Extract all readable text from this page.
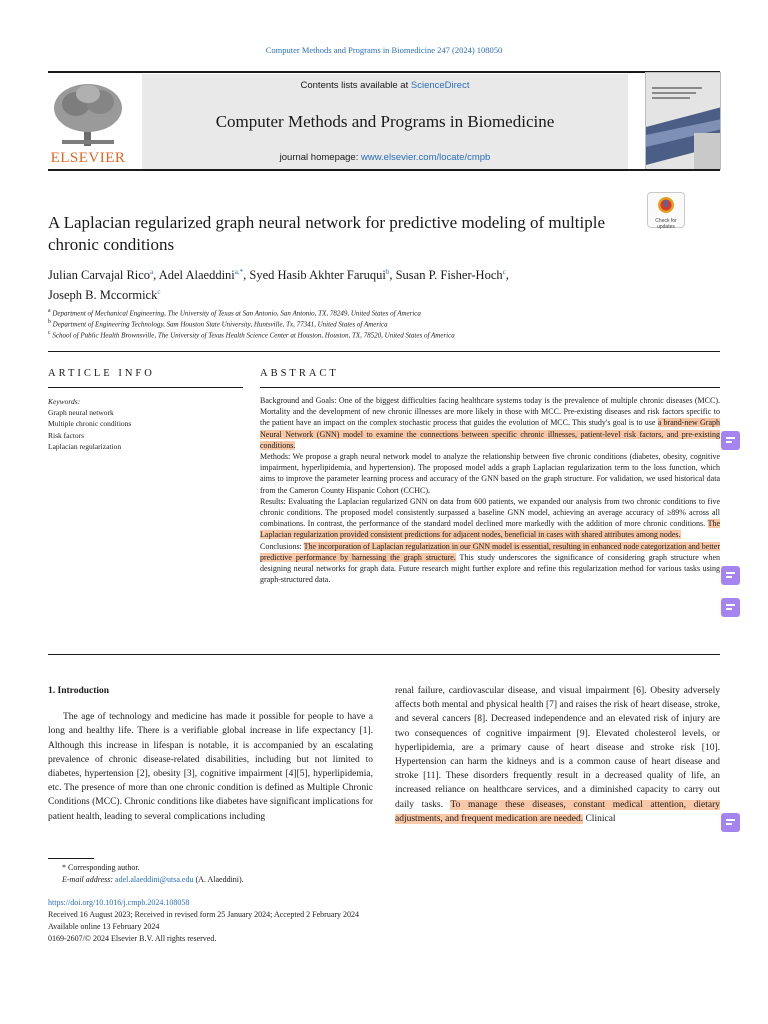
Computer Methods and Programs in Biomedicine 247 (2024) 108050
ELSEVIER
Contents lists available at ScienceDirect
Computer Methods and Programs in Biomedicine
journal homepage: www.elsevier.com/locate/cmpb
Check for updates
A Laplacian regularized graph neural network for predictive modeling of multiple chronic conditions
Julian Carvajal Rico$^a$, Adel Alaeddini$^{a,*}$, Syed Hasib Akhter Faruqui$^b$, Susan P. Fisher-Hoch$^c$,
Joseph B. Mccormick$^c$
$^a$ Department of Mechanical Engineering, The University of Texas at San Antonio, San Antonio, TX, 78249, United States of America
$^b$ Department of Engineering Technology, Sam Houston State University, Huntsville, Tx, 77341, United States of America
$^c$ School of Public Health Brownsville, The University of Texas Health Science Center at Houston, Houston, TX, 78520, United States of America
ARTICLE INFO
Keywords:
Graph neural network
Multiple chronic conditions
Risk factors
Laplacian regularization
ABSTRACT

Background and Goals: One of the biggest difficulties facing healthcare systems today is the prevalence of multiple chronic diseases (MCC). Mortality and the development of new chronic illnesses are more likely in those with MCC. Pre-existing diseases and risk factors specific to the patient have an impact on the complex stochastic process that guides the evolution of MCC. This study's goal is to use a brand-new Graph Neural Network (GNN) model to examine the connections between specific chronic illnesses, patient-level risk factors, and pre-existing conditions.

Methods: We propose a graph neural network model to analyze the relationship between five chronic conditions (diabetes, obesity, cognitive impairment, hyperlipidemia, and hypertension). The proposed model adds a graph Laplacian regularization term to the loss function, which aims to improve the parameter learning process and accuracy of the GNN based on the graph structure. For validation, we used historical data from the Cameron County Hispanic Cohort (CCHC).

Results: Evaluating the Laplacian regularized GNN on data from 600 patients, we expanded our analysis from two chronic conditions to five chronic conditions. The proposed model consistently surpassed a baseline GNN model, achieving an average accuracy of ≥89% across all combinations. In contrast, the performance of the standard model declined more markedly with the addition of more chronic conditions. The Laplacian regularization provided consistent predictions for adjacent nodes, beneficial in cases with shared attributes among nodes.

Conclusions: The incorporation of Laplacian regularization in our GNN model is essential, resulting in enhanced node categorization and better predictive performance by harnessing the graph structure. This study underscores the significance of considering graph structure when designing neural networks for graph data. Future research might further explore and refine this regularization method for various tasks using graph-structured data.

1. Introduction

The age of technology and medicine has made it possible for people to have a long and healthy life. There is a verifiable global increase in life expectancy [1]. Although this increase in lifespan is notable, it is accompanied by an escalating prevalence of chronic disease-related disabilities, including but not limited to diabetes, hypertension [2], obesity [3], cognitive impairment [4][5], hyperlipidemia, etc. The presence of more than one chronic condition is defined as Multiple Chronic Conditions (MCC). Chronic conditions like diabetes have significant implications for patient health, leading to several complications including

renal failure, cardiovascular disease, and visual impairment [6]. Obesity adversely affects both mental and physical health [7] and raises the risk of heart disease, stroke, and several cancers [8]. Decreased independence and an elevated risk of injury are two consequences of cognitive impairment [9]. Elevated cholesterol levels, or hyperlipidemia, are a primary cause of heart disease and stroke risk [10]. Hypertension can harm the kidneys and is a common cause of heart disease and stroke [11]. These disorders frequently result in a decreased quality of life, an increased reliance on healthcare services, and a diminished capacity to carry out daily tasks. To manage these diseases, constant medical attention, dietary adjustments, and frequent medication are needed. Clinical

* Corresponding author.
E-mail address: adel.alaeddini@utsa.edu (A. Alaeddini).
https://doi.org/10.1016/j.cmpb.2024.108058
Received 16 August 2023; Received in revised form 25 January 2024; Accepted 2 February 2024
Available online 13 February 2024
0169-2607/© 2024 Elsevier B.V. All rights reserved.
